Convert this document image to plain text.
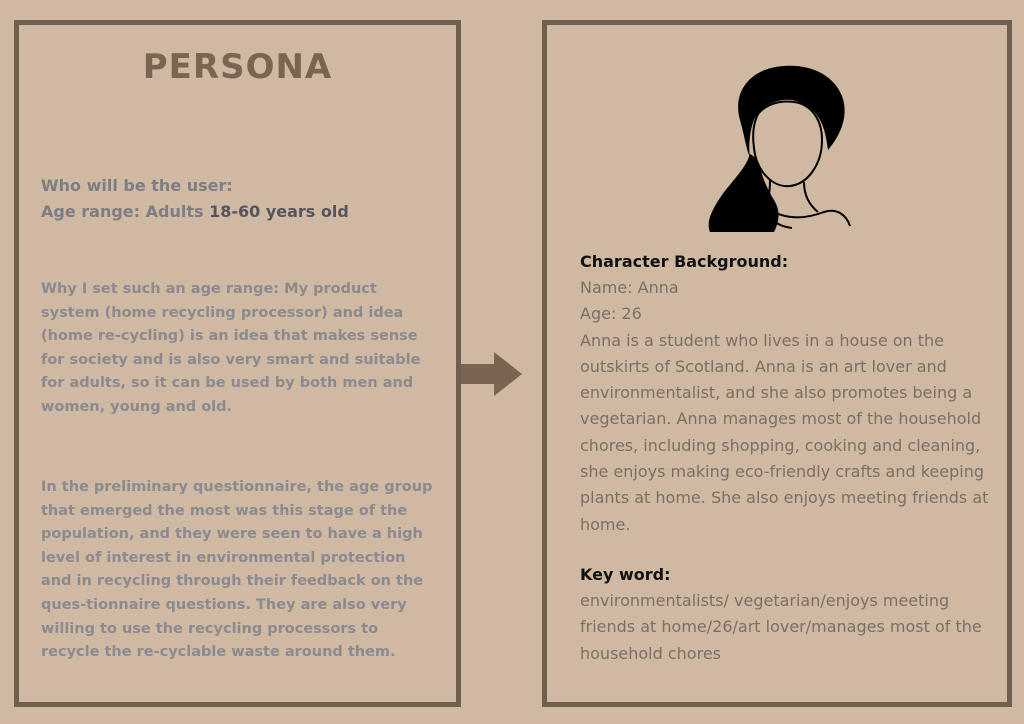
PERSONA
Who will be the user:
Age range: Adults 18-60 years old
Why I set such an age range: My product system (home recycling processor) and idea (home re-cycling) is an idea that makes sense for society and is also very smart and suitable for adults, so it can be used by both men and women, young and old.
In the preliminary questionnaire, the age group that emerged the most was this stage of the population, and they were seen to have a high level of interest in environmental protection and in recycling through their feedback on the ques-tionnaire questions. They are also very willing to use the recycling processors to recycle the re-cyclable waste around them.
Character Background:
Name: Anna
Age: 26
Anna is a student who lives in a house on the outskirts of Scotland. Anna is an art lover and environmentalist, and she also promotes being a vegetarian. Anna manages most of the household chores, including shopping, cooking and cleaning, she enjoys making eco-friendly crafts and keeping plants at home. She also enjoys meeting friends at home.
Key word:
environmentalists/ vegetarian/enjoys meeting friends at home/26/art lover/manages most of the household chores
